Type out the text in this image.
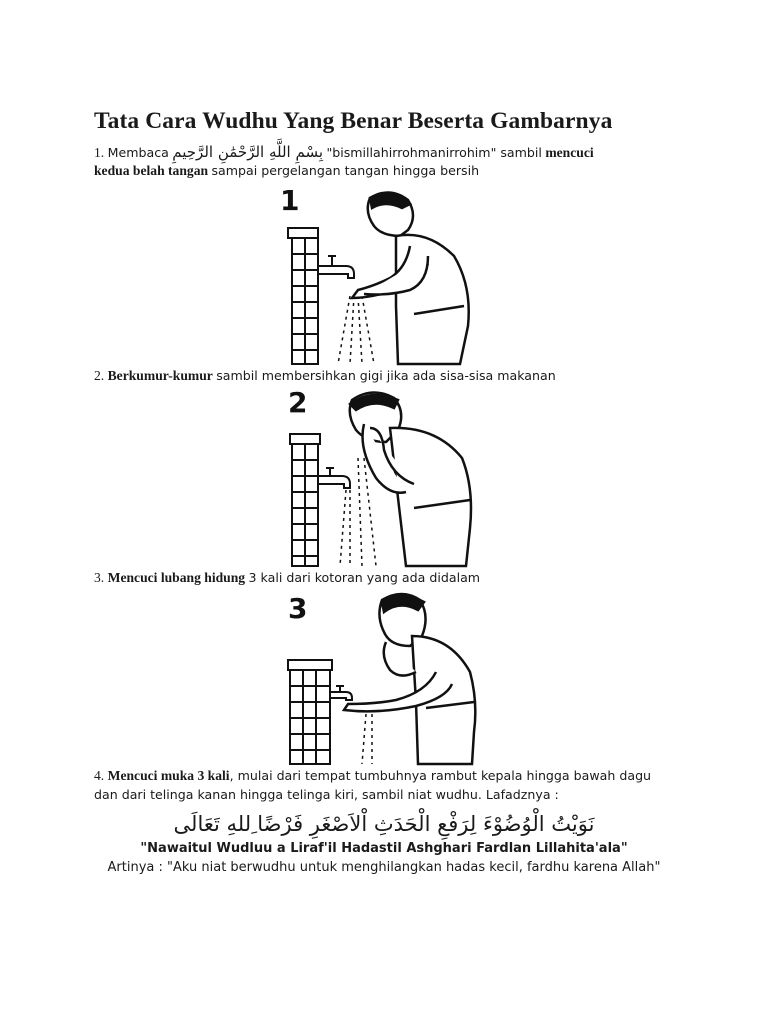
Tata Cara Wudhu Yang Benar Beserta Gambarnya
1. Membaca بِسْمِ اللَّهِ الرَّحْمَٰنِ الرَّحِيمِ "bismillahirrohmanirrohim" sambil mencuci
kedua belah tangan sampai pergelangan tangan hingga bersih
1
2. Berkumur-kumur sambil membersihkan gigi jika ada sisa-sisa makanan
2
3. Mencuci lubang hidung 3 kali dari kotoran yang ada didalam
3
4. Mencuci muka 3 kali, mulai dari tempat tumbuhnya rambut kepala hingga bawah dagu
dan dari telinga kanan hingga telinga kiri, sambil niat wudhu. Lafadznya :
نَوَيْتُ الْوُضُوْءَ لِرَفْعِ الْحَدَثِ اْلاَصْغَرِ فَرْضًا ِللهِ تَعَالَى
"Nawaitul Wudluu a Liraf'il Hadastil Ashghari Fardlan Lillahita'ala"
Artinya : "Aku niat berwudhu untuk menghilangkan hadas kecil, fardhu karena Allah"
